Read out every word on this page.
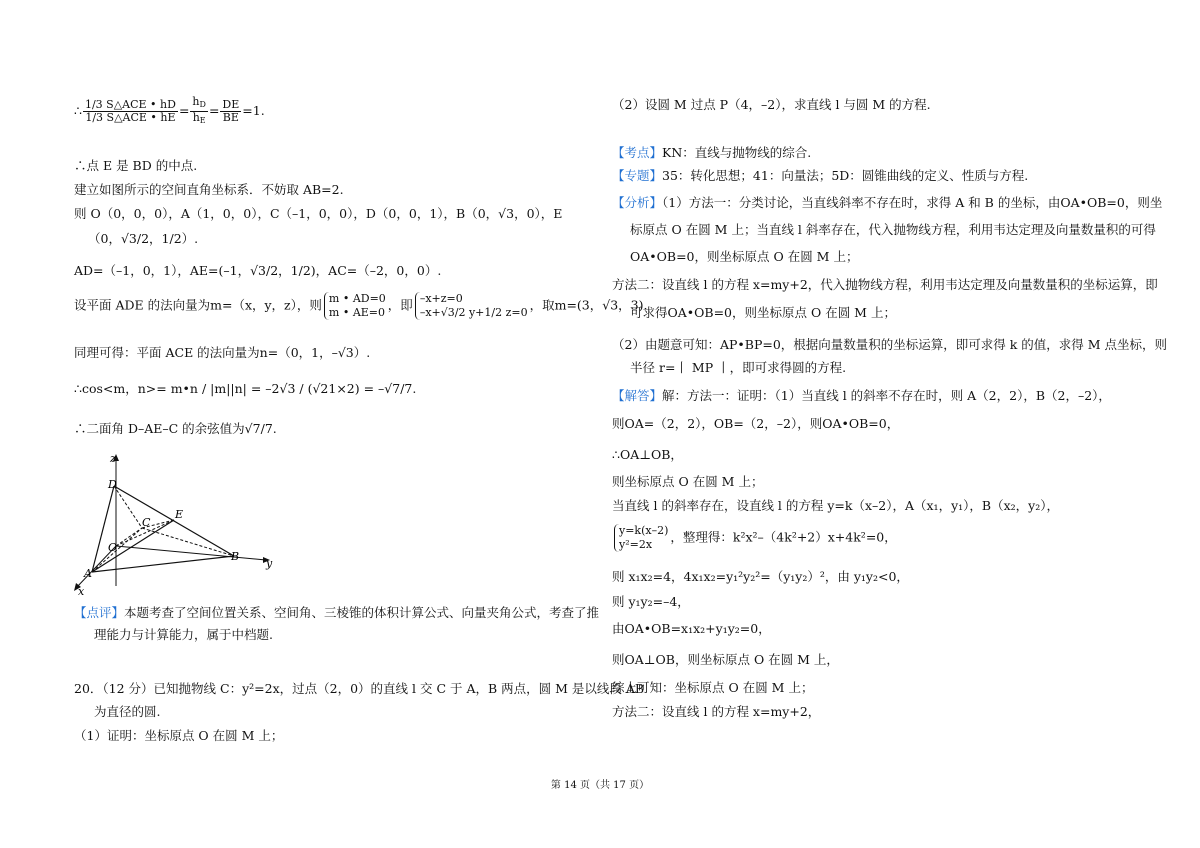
∴ $\frac{\text{1/3 S△ACE • hD}}{\text{1/3 S△ACE • hE}} = \frac{h_D}{h_E} = \frac{DE}{BE} =1$.
∴点 E 是 BD 的中点.
建立如图所示的空间直角坐标系．不妨取 AB=2.
则 O（0，0，0），A（1，0，0），C（–1，0，0），D（0，0，1），B（0，√3，0），E
（0，√3/2，1/2）.
AD=（–1，0，1），AE=(–1，√3/2，1/2)，AC=（–2，0，0）.
设平面 ADE 的法向量为m=（x，y，z），则 m • AD=0
m • AE=0 ，即 –x+z=0
–x+√3/2 y+1/2 z=0 ，取m=(3，√3，3).
同理可得：平面 ACE 的法向量为n=（0，1，–√3）.
∴cos<m，n>= m•n / |m||n| = –2√3 / (√21×2) = –√7/7.
∴二面角 D–AE–C 的余弦值为√7/7.
z
D
C
E
O
A
B
y
x
【点评】本题考查了空间位置关系、空间角、三棱锥的体积计算公式、向量夹角公式，考查了推
理能力与计算能力，属于中档题.
20．（12 分）已知抛物线 C：y²=2x，过点（2，0）的直线 l 交 C 于 A，B 两点，圆 M 是以线段 AB
为直径的圆.
（1）证明：坐标原点 O 在圆 M 上；
（2）设圆 M 过点 P（4，–2），求直线 l 与圆 M 的方程.
【考点】KN：直线与抛物线的综合.
【专题】35：转化思想；41：向量法；5D：圆锥曲线的定义、性质与方程.
【分析】（1）方法一：分类讨论，当直线斜率不存在时，求得 A 和 B 的坐标，由OA•OB=0，则坐
标原点 O 在圆 M 上；当直线 l 斜率存在，代入抛物线方程，利用韦达定理及向量数量积的可得
OA•OB=0，则坐标原点 O 在圆 M 上；
方法二：设直线 l 的方程 x=my+2，代入抛物线方程，利用韦达定理及向量数量积的坐标运算，即
可求得OA•OB=0，则坐标原点 O 在圆 M 上；
（2）由题意可知：AP•BP=0，根据向量数量积的坐标运算，即可求得 k 的值，求得 M 点坐标，则
半径 r=丨 MP 丨，即可求得圆的方程.
【解答】解：方法一：证明：（1）当直线 l 的斜率不存在时，则 A（2，2），B（2，–2），
则OA=（2，2），OB=（2，–2），则OA•OB=0，
∴OA⊥OB，
则坐标原点 O 在圆 M 上；
当直线 l 的斜率存在，设直线 l 的方程 y=k（x–2），A（x₁，y₁），B（x₂，y₂），
y=k(x–2)
y²=2x	，整理得：k²x²–（4k²+2）x+4k²=0，
则 x₁x₂=4，4x₁x₂=y₁²y₂²=（y₁y₂）²，由 y₁y₂<0，
则 y₁y₂=–4，
由OA•OB=x₁x₂+y₁y₂=0，
则OA⊥OB，则坐标原点 O 在圆 M 上，
综上可知：坐标原点 O 在圆 M 上；
方法二：设直线 l 的方程 x=my+2，
第 14 页（共 17 页）
